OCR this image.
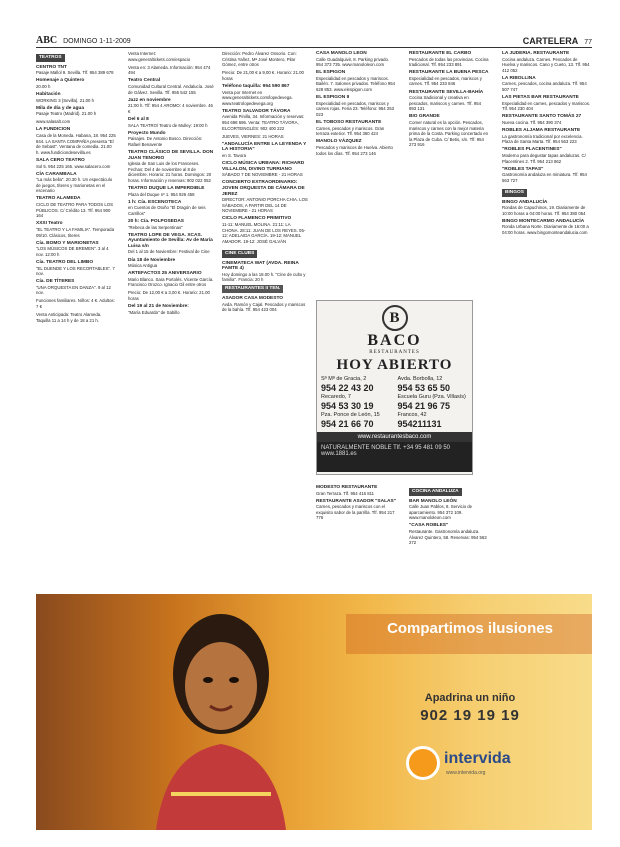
ABC DOMINGO 1-11-2009	CARTELERA 77
TEATROS
CENTRO TNT
Pasaje Mallol 9. Sevilla. Tlf. 954 389 678
Homenaje a Quintero
20.00 h
Habitación
WORKING 3 (Sevilla). 21.00 h
Mila de día y de agua
Pasaje Teatro (Madrid). 21.00 h
www.salasalt.com
LA FUNDICION
Casa de la Moneda. Habana, 18. 954 225 844. LA SANTA COMPAÑÍA presenta "El de Sebast". Ventana de comedia. 21.00 h. www.fundiciondesevilla.es
SALA CERO TEATRO
Sol 5. 954 225 165. www.salacero.com
CÍA CARAMBALA
"La más bella". 20.30 h. Un espectáculo de juegos, títeres y marionetas en el escenario
TEATRO ALAMEDA
CICLO DE TEATRO PARA TODOS LOS PÚBLICOS. C/ Crédito 13. Tlf. 954 900 164
XXXI Teatro
"EL TEATRO Y LA FAMILIA". Temporada 09/10. Clásicos, títeres
Cía. BOMO Y MARIONETAS
"LOS MÚSICOS DE BREMEN". 3 al 4 nov. 12:00 h
Cía. TEATRO DEL LIMBO
"EL DUENDE Y LOS RECORTABLES". 7 nov.
Cía. DE TÍTERES
"UNA ORQUESTA EN DANZA". 9 al 12 nov.
Funciones familiares. Niños: 4 €. Adultos: 7 €
Venta Anticipada: Teatro Alameda. Taquilla 11 a 14 h y de 18 a 21 h.
Venta Internet: www.generaltickets.com/espacio
Venta en: 3 Alameda. Información: 954 474 494
Teatro Central
Comunidad Cultural Central. Andalucía. José de Gálvez. Sevilla. Tlf. 955 542 155
Jazz en noviembre
21:00 h. Tlf: 954 4 AROMO: 4 noviembre. 46 €
Del 6 al 8
SALA TEATRO/ Teatro de Mulley: 19:00 h
Proyecto Mundo
Paisajes. De Antonio Bosco. Dirección: Rafael Benavente
TEATRO CLÁSICO DE SEVILLA. DON JUAN TENORIO
Iglesia de San Luis de los Franceses. Fechas: Del 4 de noviembre al 8 de diciembre. Horario: 21 horas. Domingos: 20 horas. Información y reservas: 902 022 052
TEATRO DUQUE LA IMPERDIBLE
Plaza del Duque nº 1. 954 926 458
1 h: Cía. ESCENOTECA
en Cuentos de Otoño "El Dragón de seis Carrillos"
20 h: Cía. POLPOSEDAS
"Rebeca de las Serpentinas"
TEATRO LOPE DE VEGA. XCAS. Ayuntamiento de Sevilla: Av de María Luisa s/n
Del 1 al 15 de Noviembre: Festival de Cine
Día 18 de Noviembre
Música Antigua
ARTEFACTOS 25 ANIVERSARIO
Mario Blanco. Sara Portolés. Vicente García. Francisco Orozco. Ignacio Gil entre otros
Precio: De 12,00 € a 3,00 €. Horario: 21.00 horas
Del 19 al 21 de Noviembre:
"María Eduarda" de Sabillo
Dirección: Pedro Álvarez Ossorio. Con: Cristina Yañez, Mª José Montero, Pilar Gómez, entre otros
Precio: De 21,00 € a 9,00 €. Horario: 21.00 horas
Teléfono taquilla: 954 590 867
Venta por Internet en www.generaltickets.com/lopedevega. www.teatrolopedevega.org
TEATRO SALVADOR TÁVORA
Avenida Pinilla, 34. Información y reservas: 954 698 696. Venta: TEATRO TÁVORA, ELCORTEINGLÉS: 902 400 222
JUEVES, VIERNES: 21 HORAS
"ANDALUCÍA ENTRE LA LEYENDA Y LA HISTORIA"
en S. Tavora
CICLO MÚSICA URBANA: RICHARD VILLALON, DIVINO TURRIANO
SÁBADO 7 DE NOVIEMBRE - 21 HORAS
CONCIERTO EXTRAORDINARIO: JOVEN ORQUESTA DE CÁMARA DE JEREZ
DIRECTOR: ANTONIO PORCHA CHIA. LOS SÁBADOS, A PARTIR DEL 14 DE NOVIEMBRE - 21 HORAS
CICLO FLAMENCO PRIMITIVO
11-11: MANUEL MOLINA. 21:11: LA CHONA. 28:11: JUAN DE LOS REYES. 05-12: ADELAIDA GARCÍA. 19-12: MANUEL AMADOR. 19-12: JOSÉ GALVÁN
CINE CLUBS
CINEMATECA WAT (AVDA. REINA FAMTE 4)
Hoy domingo a las 18.00 h. "Cine de culto y familia". Francia: 20 h
RESTAURANTES II TEN.
ASADOR CASA MODESTO
Avda. Ramón y Cajal. Pescados y mariscos de la bahía. Tlf. 954 423 004
CASA MANOLO LEÓN
Calle Guadalquivir, 8. Parking privado. 954 373 735. www.manololeon.com
EL ESPIGON
Especialidad en pescados y mariscos. Bailén. 7. Salones privados. Teléfono 954 628 853. www.elespigon.com
EL ESPIGON II
Especialidad en pescados, mariscos y carnes rojas. Feria 23. Teléfono: 954 253 023
EL TOBOSO RESTAURANTE
Carnes, pescados y mariscos. Gran terraza exterior. Tlf. 954 360 424
MANOLO VÁZQUEZ
Pescados y mariscos de Huelva. Abierto todos los días. Tlf. 954 273 146
RESTAURANTE EL CARBO
Pescados de todas las provincias. Cocina tradicional. Tlf. 954 233 891
RESTAURANTE LA BUENA PESCA
Especialidad en pescados, mariscos y carnes. Tlf. 954 233 846
RESTAURANTE SEVILLA-BAHÍA
Cocina tradicional y creativa en pescados, mariscos y carnes. Tlf. 954 893 131
BIO GRANDE
Comer natural es la opción. Pescados, mariscos y carnes con la mejor materia prima de la Costa. Parking concertado en la Plaza de Cuba. C/ Betis, s/n. Tlf. 954 273 916
LA JUDERÍA. RESTAURANTE
Cocina andaluza. Carnes. Pescados de Huelva y mariscos. Cano y Cueto, 13. Tlf. 954 412 052
LA RIBOLLINA
Carnes, pescados, cocina andaluza. Tlf. 954 507 747
LAS PIETAS BAR RESTAURANTE
Especialidad en carnes, pescados y mariscos. Tlf. 954 230 404
RESTAURANTE SANTO TOMÁS 27
Nueva cocina. Tlf. 954 390 374
ROBLES ALJAMA RESTAURANTE
La gastronomía tradicional por excelencia. Plaza de Santa Marta. Tlf. 954 563 223
"ROBLES PLACENTINES"
Moderno para degustar tapas andaluzas. C/ Placentines 2. Tlf. 954 213 862
"ROBLES TAPAS"
Gastronomía andaluza en miniatura. Tlf. 954 563 727
BINGOS
BINGO ANDALUCÍA
Rondas de Capuchinos, 19. Diariamente de 10:00 horas a 04:00 horas. Tlf. 954 380 054
BINGO MONTECARMO ANDALUCÍA
Ronda Urbana Norte. Diariamente de 16:00 a 04:00 horas. www.bingomonteandalucia.com
MODESTO RESTAURANTE
Gran Terraza. Tlf. 954 416 811
RESTAURANTE ASADOR "SALAS"
Carnes, pescados y mariscos con el exquisito sabor de la parrilla. Tlf. 954 217 776
COCINA ANDALUZA
BAR MANOLO LEÓN
Calle Juan Pablos, 8. Servicio de aparcamiento. 954 372 109. www.manololeon.com
"CASA ROBLES"
Restaurante. Gastronomía andaluza. Álvarez Quintero, 58. Reservas: 954 563 272
B
BACO
RESTAURANTES
HOY ABIERTO
Sª Mª de Gracia, 2	Avda. Borbolla, 12
954 22 43 20	954 53 65 50
Recaredo, 7	Escuela Guru (Pza. Villasís)
954 53 30 19	954 21 96 75
Pza. Ponce de León, 15	Francos, 42
954 21 66 70	954211131
www.restaurantesbaco.com
NATURALMENTE NOBLE Tlf. +34 95 481 09 50 www.1881.es
Compartimos ilusiones
Apadrina un niño
902 19 19 19
intervida
www.intervida.org
